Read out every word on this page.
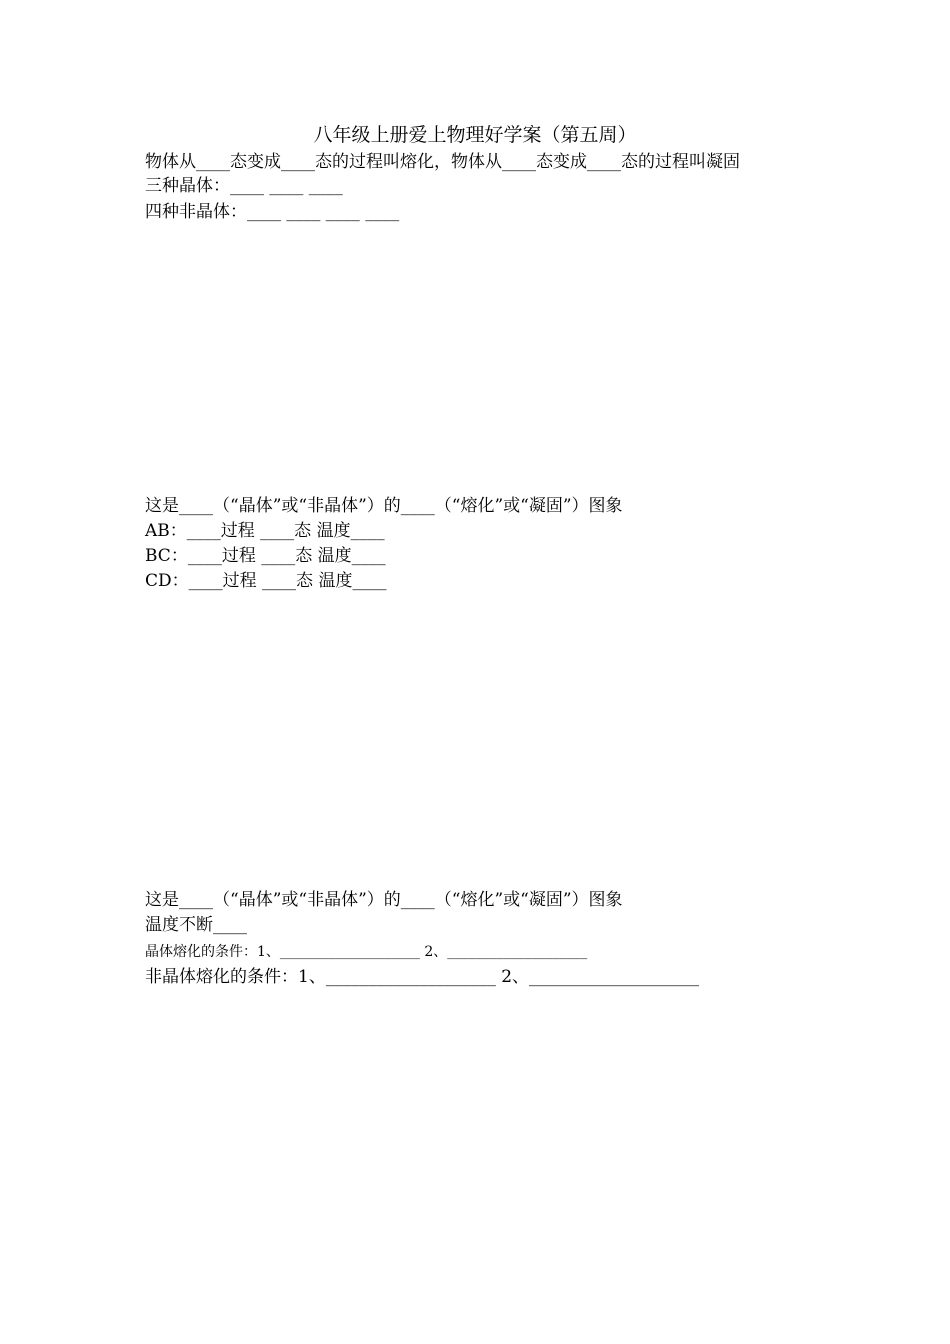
八年级上册爱上物理好学案（第五周）
物体从____态变成____态的过程叫熔化，物体从____态变成____态的过程叫凝固
三种晶体：____ ____ ____
四种非晶体：____ ____ ____ ____
这是____（“晶体”或“非晶体”）的____（“熔化”或“凝固”）图象
AB：____过程 ____态 温度____
BC：____过程 ____态 温度____
CD：____过程 ____态 温度____
这是____（“晶体”或“非晶体”）的____（“熔化”或“凝固”）图象
温度不断____
晶体熔化的条件：1、____________________ 2、____________________
非晶体熔化的条件：1、____________________ 2、____________________
